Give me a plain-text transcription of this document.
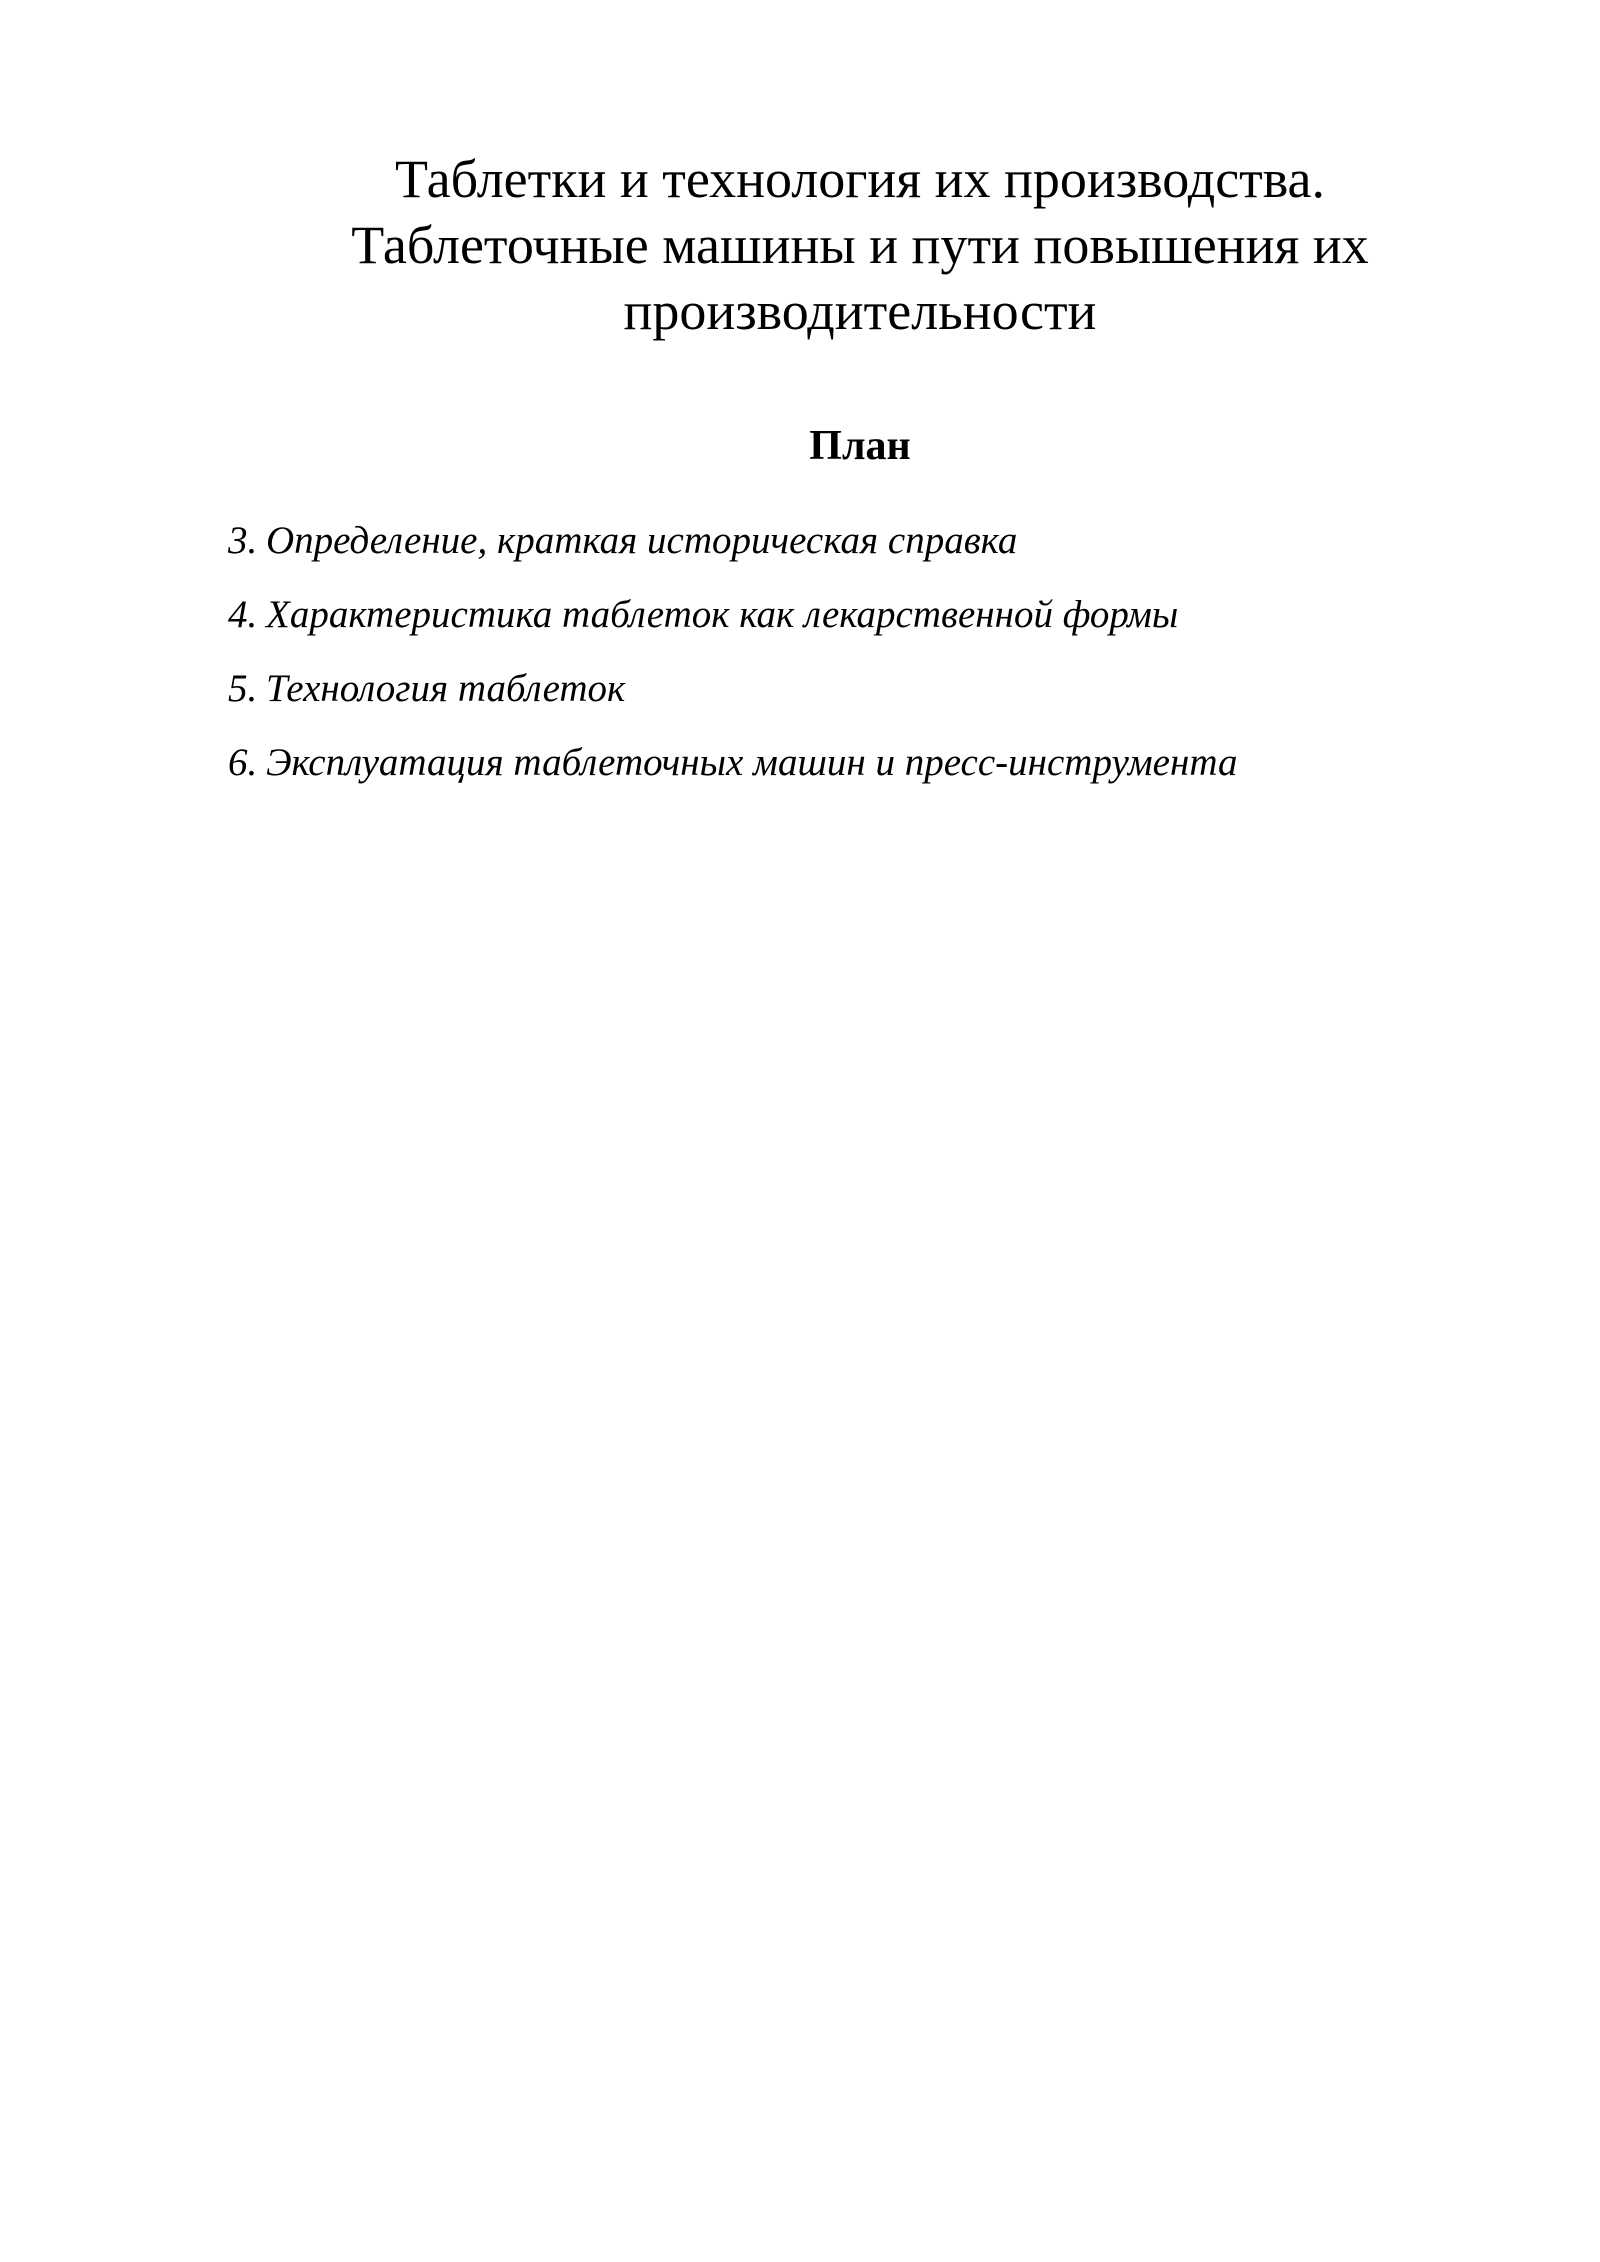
Таблетки и технология их производства.
Таблеточные машины и пути повышения их
производительности
План
3. Определение, краткая историческая справка
4. Характеристика таблеток как лекарственной формы
5. Технология таблеток
6. Эксплуатация таблеточных машин и пресс-инструмента
